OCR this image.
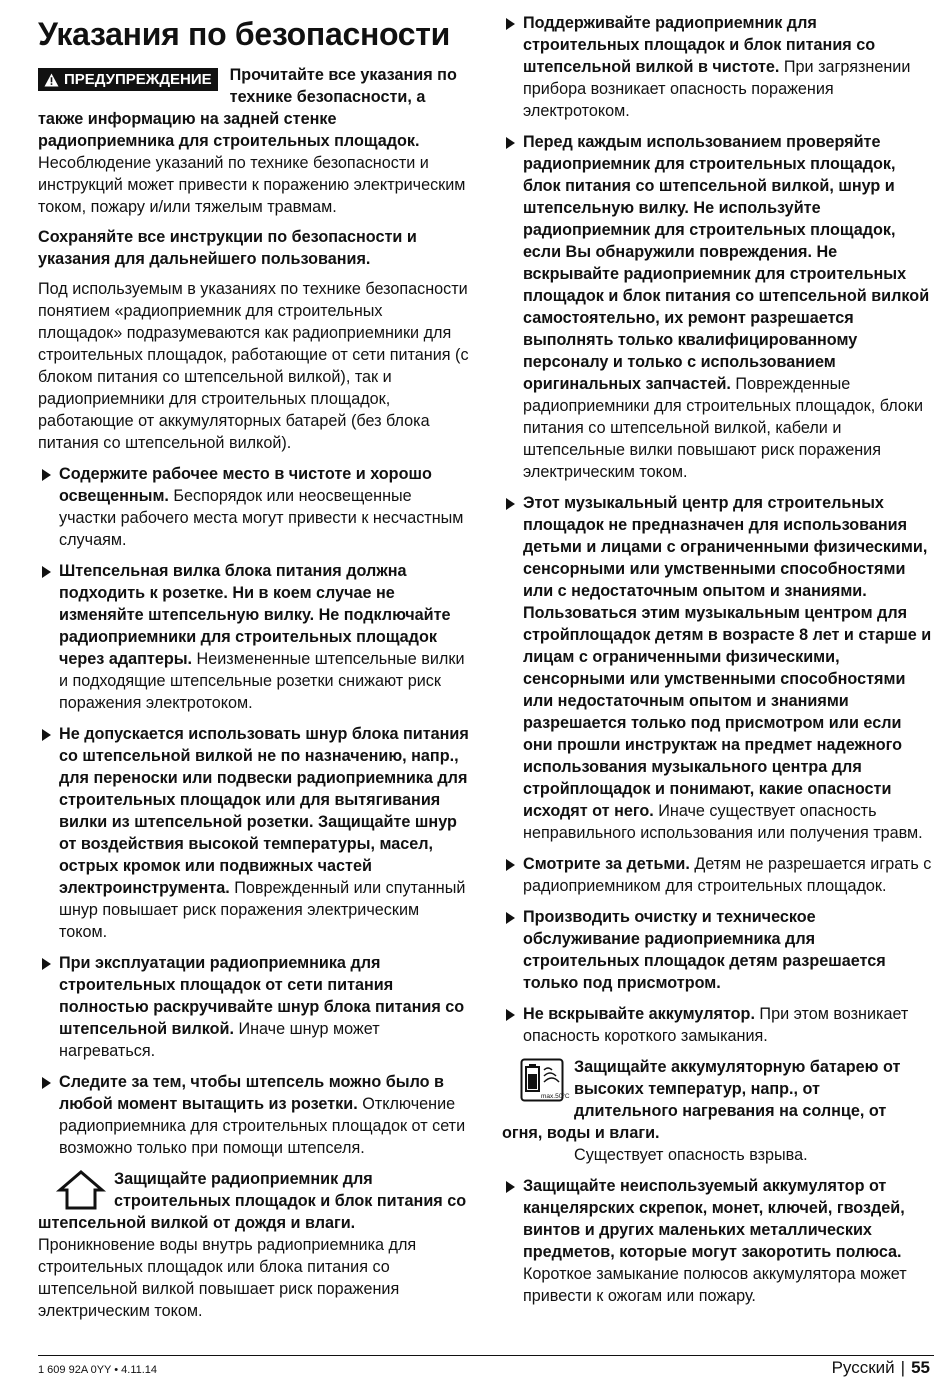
Указания по безопасности
ПРЕДУПРЕЖДЕНИЕ	Прочитайте все указания по технике безопасности, а также информацию на задней стенке радиоприемника для строительных площадок. Несоблюдение указаний по технике безопасности и инструкций может привести к поражению электрическим током, пожару и/или тяжелым травмам.

Сохраняйте все инструкции по безопасности и указания для дальнейшего пользования.

Под используемым в указаниях по технике безопасности понятием «радиоприемник для строительных площадок» подразумеваются как радиоприемники для строительных площадок, работающие от сети питания (с блоком питания со штепсельной вилкой), так и радиоприемники для строительных площадок, работающие от аккумуляторных батарей (без блока питания со штепсельной вилкой).

Содержите рабочее место в чистоте и хорошо освещенным. Беспорядок или неосвещенные участки рабочего места могут привести к несчастным случаям.
Штепсельная вилка блока питания должна подходить к розетке. Ни в коем случае не изменяйте штепсельную вилку. Не подключайте радиоприемники для строительных площадок через адаптеры. Неизмененные штепсельные вилки и подходящие штепсельные розетки снижают риск поражения электротоком.
Не допускается использовать шнур блока питания со штепсельной вилкой не по назначению, напр., для переноски или подвески радиоприемника для строительных площадок или для вытягивания вилки из штепсельной розетки. Защищайте шнур от воздействия высокой температуры, масел, острых кромок или подвижных частей электроинструмента. Поврежденный или спутанный шнур повышает риск поражения электрическим током.
При эксплуатации радиоприемника для строительных площадок от сети питания полностью раскручивайте шнур блока питания со штепсельной вилкой. Иначе шнур может нагреваться.
Следите за тем, чтобы штепсель можно было в любой момент вытащить из розетки. Отключение радиоприемника для строительных площадок от сети возможно только при помощи штепселя.

Защищайте радиоприемник для строительных площадок и блок питания со штепсельной вилкой от дождя и влаги. Проникновение воды внутрь радиоприемника для строительных площадок или блока питания со штепсельной вилкой повышает риск поражения электрическим током.

Поддерживайте радиоприемник для строительных площадок и блок питания со штепсельной вилкой в чистоте. При загрязнении прибора возникает опасность поражения электротоком.
Перед каждым использованием проверяйте радиоприемник для строительных площадок, блок питания со штепсельной вилкой, шнур и штепсельную вилку. Не используйте радиоприемник для строительных площадок, если Вы обнаружили повреждения. Не вскрывайте радиоприемник для строительных площадок и блок питания со штепсельной вилкой самостоятельно, их ремонт разрешается выполнять только квалифицированному персоналу и только с использованием оригинальных запчастей. Поврежденные радиоприемники для строительных площадок, блоки питания со штепсельной вилкой, кабели и штепсельные вилки повышают риск поражения электрическим током.
Этот музыкальный центр для строительных площадок не предназначен для использования детьми и лицами с ограниченными физическими, сенсорными или умственными способностями или с недостаточным опытом и знаниями. Пользоваться этим музыкальным центром для стройплощадок детям в возрасте 8 лет и старше и лицам с ограниченными физическими, сенсорными или умственными способностями или недостаточным опытом и знаниями разрешается только под присмотром или если они прошли инструктаж на предмет надежного использования музыкального центра для стройплощадок и понимают, какие опасности исходят от него. Иначе существует опасность неправильного использования или получения травм.
Смотрите за детьми. Детям не разрешается играть с радиоприемником для строительных площадок.
Производить очистку и техническое обслуживание радиоприемника для строительных площадок детям разрешается только под присмотром.
Не вскрывайте аккумулятор. При этом возникает опасность короткого замыкания.
max.50°C

Защищайте аккумуляторную батарею от высоких температур, напр., от длительного нагревания на солнце, от огня, воды и влаги.

Существует опасность взрыва.

Защищайте неиспользуемый аккумулятор от канцелярских скрепок, монет, ключей, гвоздей, винтов и других маленьких металлических предметов, которые могут закоротить полюса. Короткое замыкание полюсов аккумулятора может привести к ожогам или пожару.
1 609 92A 0YY • 4.11.14	Русский | 55
